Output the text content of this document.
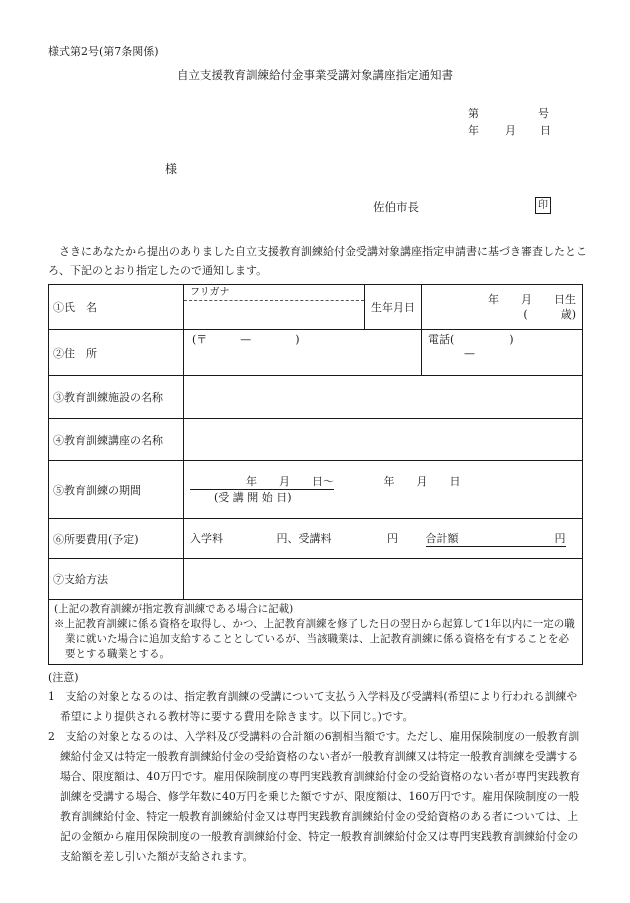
様式第2号(第7条関係)
自立支援教育訓練給付金事業受講対象講座指定通知書
第	号
年 月 日
様
佐伯市長	印
さきにあなたから提出のありました自立支援教育訓練給付金受講対象講座指定申請書に基づき審査したところ、下記のとおり指定したので通知します。
①氏　名	フリガナ	生年月日	年　　月　　日生
(　　　歳)

②住　所	(〒　　　—　　　　)		電話(　　　　　)
—

③教育訓練施設の名称			
④教育訓練講座の名称			
⑤教育訓練の期間	年　　月　　日〜 年　　月　　日
(受 講 開 始 日)		

⑥所要費用(予定)	入学料 円、受講料 円 合計額 円		

⑦支給方法			

(上記の教育訓練が指定教育訓練である場合に記載)
※上記教育訓練に係る資格を取得し、かつ、上記教育訓練を修了した日の翌日から起算して1年以内に一定の職業に就いた場合に追加支給することとしているが、当該職業は、上記教育訓練に係る資格を有することを必要とする職業とする。			
(注意)

1　支給の対象となるのは、指定教育訓練の受講について支払う入学料及び受講料(希望により行われる訓練や希望により提供される教材等に要する費用を除きます。以下同じ。)です。

2　支給の対象となるのは、入学料及び受講料の合計額の6割相当額です。ただし、雇用保険制度の一般教育訓練給付金又は特定一般教育訓練給付金の受給資格のない者が一般教育訓練又は特定一般教育訓練を受講する場合、限度額は、40万円です。雇用保険制度の専門実践教育訓練給付金の受給資格のない者が専門実践教育訓練を受講する場合、修学年数に40万円を乗じた額ですが、限度額は、160万円です。雇用保険制度の一般教育訓練給付金、特定一般教育訓練給付金又は専門実践教育訓練給付金の受給資格のある者については、上記の金額から雇用保険制度の一般教育訓練給付金、特定一般教育訓練給付金又は専門実践教育訓練給付金の支給額を差し引いた額が支給されます。
